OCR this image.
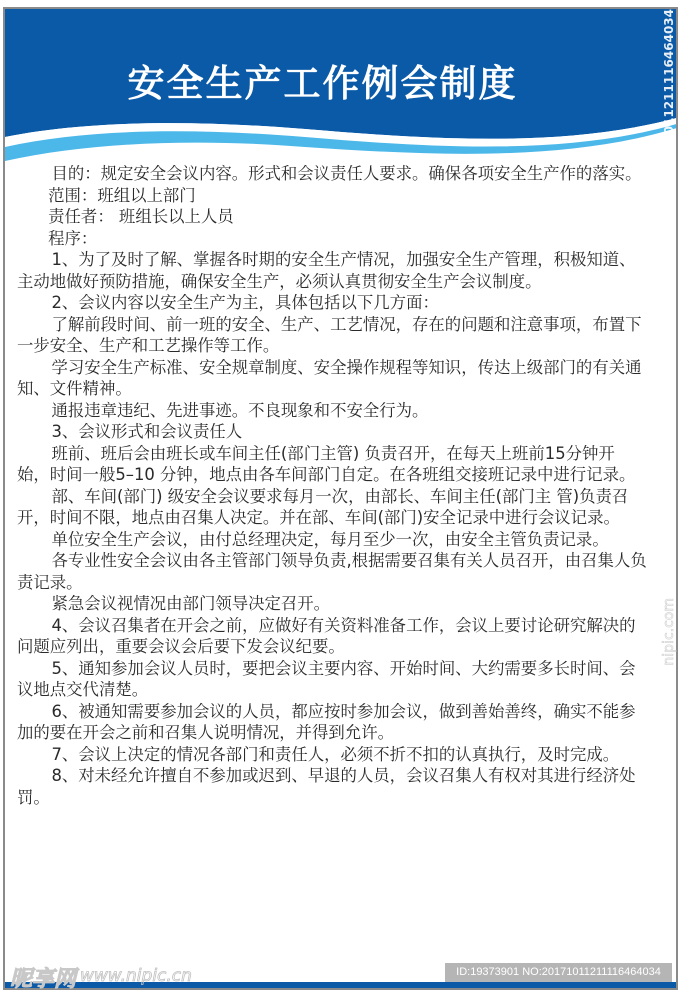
安全生产工作例会制度

目的：规定安全会议内容。形式和会议责任人要求。确保各项安全生产作的落实。

范围：班组以上部门

责任者： 班组长以上人员

程序：

1、为了及时了解、掌握各时期的安全生产情况，加强安全生产管理，积极知道、主动地做好预防措施，确保安全生产，必须认真贯彻安全生产会议制度。

2、会议内容以安全生产为主，具体包括以下几方面：

了解前段时间、前一班的安全、生产、工艺情况，存在的问题和注意事项，布置下一步安全、生产和工艺操作等工作。

学习安全生产标准、安全规章制度、安全操作规程等知识，传达上级部门的有关通知、文件精神。

通报违章违纪、先进事迹。不良现象和不安全行为。

3、会议形式和会议责任人

班前、班后会由班长或车间主任(部门主管) 负责召开，在每天上班前15分钟开始，时间一般5–10 分钟，地点由各车间部门自定。在各班组交接班记录中进行记录。

部、车间(部门) 级安全会议要求每月一次，由部长、车间主任(部门主 管)负责召开，时间不限，地点由召集人决定。并在部、车间(部门)安全记录中进行会议记录。

单位安全生产会议，由付总经理决定，每月至少一次，由安全主管负责记录。

各专业性安全会议由各主管部门领导负责,根据需要召集有关人员召开，由召集人负责记录。

紧急会议视情况由部门领导决定召开。

4、会议召集者在开会之前，应做好有关资料准备工作，会议上要讨论研究解决的问题应列出，重要会议会后要下发会议纪要。

5、通知参加会议人员时，要把会议主要内容、开始时间、大约需要多长时间、会议地点交代清楚。

6、被通知需要参加会议的人员，都应按时参加会议，做到善始善终，确实不能参加的要在开会之前和召集人说明情况，并得到允许。

7、会议上决定的情况各部门和责任人，必须不折不扣的认真执行，及时完成。

8、对未经允许擅自不参加或迟到、早退的人员，会议召集人有权对其进行经济处罚。

By:4056886506 No:20171011211116464034
nipic.com
昵享网 www.nipic.cn	ID:19373901 NO:20171011211116464034
